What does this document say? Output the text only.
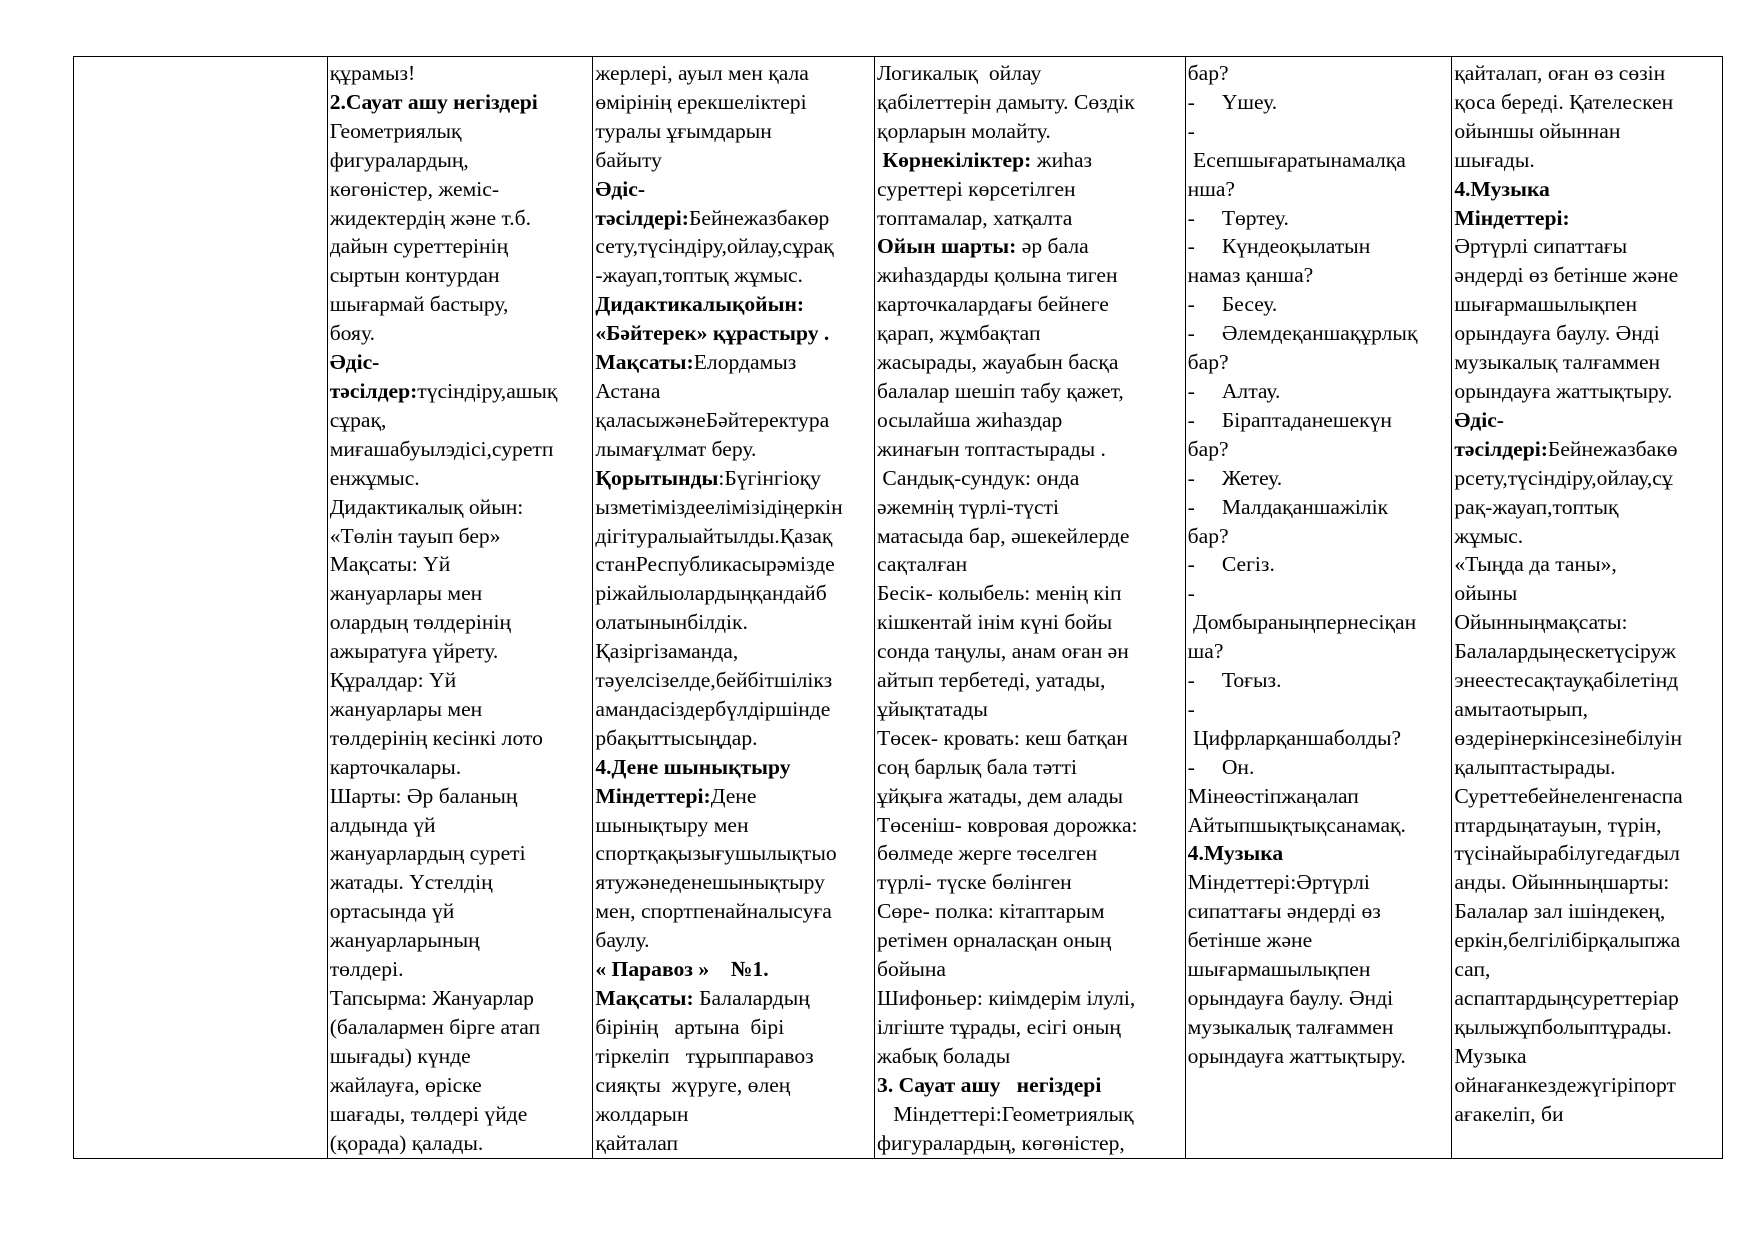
құрамыз!
2.Сауат ашу негіздері
Геометриялық
фигуралардың,
көгөністер, жеміс-
жидектердің және т.б.
дайын суреттерінің
сыртын контурдан
шығармай бастыру,
бояу.
Әдіс-
тәсілдер:түсіндіру,ашық
сұрақ,
миғашабуылэдісі,суретп
енжұмыс.
Дидактикалық ойын:
«Төлін тауып бер»
Мақсаты: Үй
жануарлары мен
олардың төлдерінің
ажыратуға үйрету.
Құралдар: Үй
жануарлары мен
төлдерінің кесінкі лото
карточкалары.
Шарты: Әр баланың
алдында үй
жануарлардың суреті
жатады. Үстелдің
ортасында үй
жануарларының
төлдері.
Тапсырма: Жануарлар
(балалармен бірге атап
шығады) күнде
жайлауға, өріске
шағады, төлдері үйде
(қорада) қалады.
жерлері, ауыл мен қала
өмірінің ерекшеліктері
туралы ұғымдарын
байыту
Әдіс-
тәсілдері:Бейнежазбакөр
сету,түсіндіру,ойлау,сұрақ
-жауап,топтық жұмыс.
Дидактикалықойын:
«Бәйтерек» құрастыру .
Мақсаты:Елордамыз
Астана
қаласыжәнеБәйтеректура
лымағұлмат беру.
Қорытынды:Бүгінгіоқу
ызметіміздеелімізідіңеркін
дігітуралыайтылды.Қазақ
станРеспубликасырәмізде
ріжайлыолардыңқандайб
олатынынбілдік.
Қазіргізаманда,
тәуелсізелде,бейбітшілікз
амандасіздербүлдіршінде
рбақыттысыңдар.
4.Дене шынықтыру
Міндеттері:Дене
шынықтыру мен
спортқақызығушылықтыо
ятужәнеденешынықтыру
мен, спортпенайналысуға
баулу.
« Паравоз »    №1.
Мақсаты: Балалардың
бірінің   артына  бірі
тіркеліп   тұрыппаравоз
сияқты  жүруге, өлең
жолдарын
қайталап
Логикалық  ойлау
қабілеттерін дамыту. Сөздік
қорларын молайту.
Көрнекіліктер: жиһаз
суреттері көрсетілген
топтамалар, хатқалта
Ойын шарты: әр бала
жиһаздарды қолына тиген
карточкалардағы бейнеге
қарап, жұмбақтап
жасырады, жауабын басқа
балалар шешіп табу қажет,
осылайша жиһаздар
жинағын топтастырады .
Сандық-сундук: онда
әжемнің түрлі-түсті
матасыда бар, әшекейлерде
сақталған
Бесік- колыбель: менің кіп
кішкентай інім күні бойы
сонда таңулы, анам оған ән
айтып тербетеді, уатады,
ұйықтатады
Төсек- кровать: кеш батқан
соң барлық бала тәтті
ұйқыға жатады, дем алады
Төсеніш- ковровая дорожка:
бөлмеде жерге төселген
түрлі- түске бөлінген
Сөре- полка: кітаптарым
ретімен орналасқан оның
бойына
Шифоньер: киімдерім ілулі,
ілгіште тұрады, есігі оның
жабық болады
3. Сауат ашу   негіздері
Міндеттері:Геометриялық
фигуралардың, көгөністер,
бар?
-     Үшеу.
-
Есепшығаратынамалқа
нша?
-     Төртеу.
-     Күндеоқылатын
намаз қанша?
-     Бесеу.
-     Әлемдеқаншақұрлық
бар?
-     Алтау.
-     Біраптаданешекүн
бар?
-     Жетеу.
-     Малдақаншажілік
бар?
-     Сегіз.
-
Домбыраныңпернесіқан
ша?
-     Тоғыз.
-
Цифрларқаншаболды?
-     Он.
Мінеөстіпжаңалап
Айтыпшықтықсанамақ.
4.Музыка
Міндеттері:Әртүрлі
сипаттағы әндерді өз
бетінше және
шығармашылықпен
орындауға баулу. Әнді
музыкалық талғаммен
орындауға жаттықтыру.
қайталап, оған өз сөзін
қоса береді. Қателескен
ойыншы ойыннан
шығады.
4.Музыка
Міндеттері:
Әртүрлі сипаттағы
әндерді өз бетінше және
шығармашылықпен
орындауға баулу. Әнді
музыкалық талғаммен
орындауға жаттықтыру.
Әдіс-
тәсілдері:Бейнежазбакө
рсету,түсіндіру,ойлау,сұ
рақ-жауап,топтық
жұмыс.
«Тыңда да таны»,
ойыны
Ойынныңмақсаты:
Балалардыңескетүсіруж
энеестесақтауқабілетінд
амытаотырып,
өздерінеркінсезінебілуін
қалыптастырады.
Суреттебейнеленгенаспа
птардыңатауын, түрін,
түсінайырабілугедағдыл
анды. Ойынныңшарты:
Балалар зал ішіндекең,
еркін,белгілібірқалыпжа
сап,
аспаптардыңсуреттеріар
қылыжұпболыптұрады.
Музыка
ойнағанкездежүгіріпорт
ағакеліп, би
